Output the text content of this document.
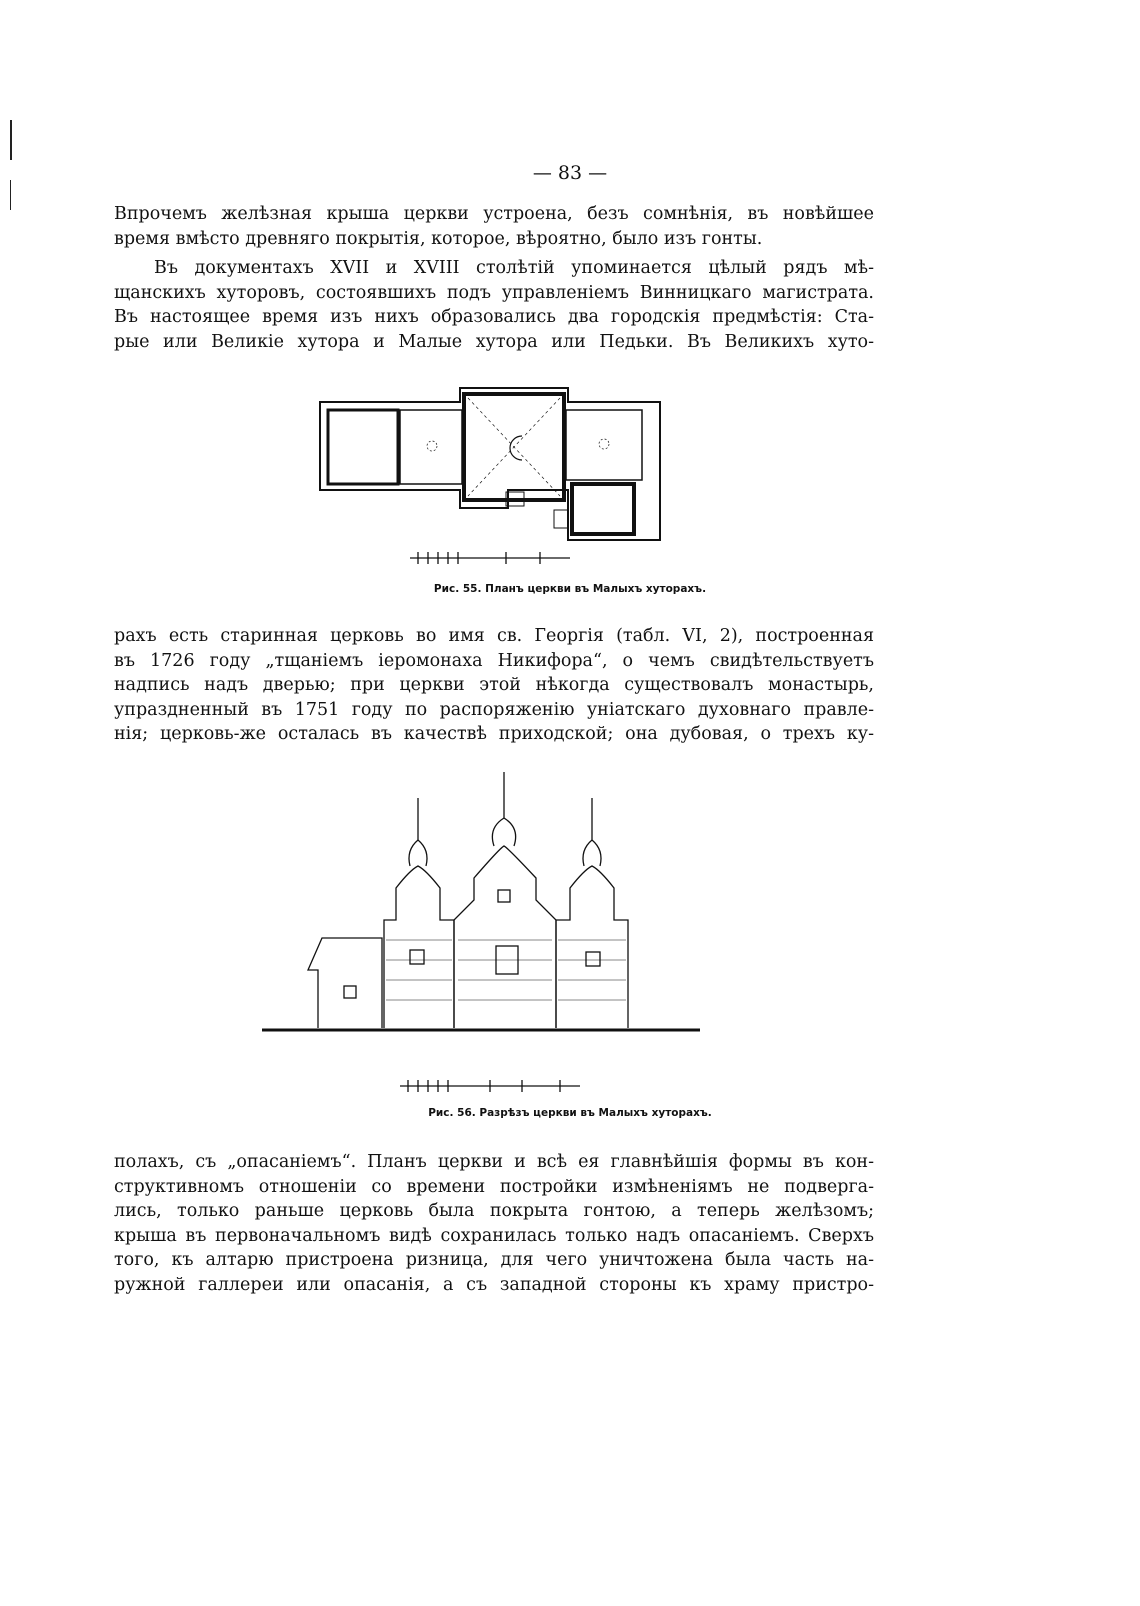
— 83 —
Впрочемъ желѣзная крыша церкви устроена, безъ сомнѣнія, въ новѣйшее
время вмѣсто древняго покрытія, которое, вѣроятно, было изъ гонты.
Въ документахъ XVII и XVIII столѣтій упоминается цѣлый рядъ мѣ-
щанскихъ хуторовъ, состоявшихъ подъ управленіемъ Винницкаго магистрата.
Въ настоящее время изъ нихъ образовались два городскія предмѣстія: Ста-
рые или Великіе хутора и Малые хутора или Педьки. Въ Великихъ хуто-
Рис. 55. Планъ церкви въ Малыхъ хуторахъ.
рахъ есть старинная церковь во имя св. Георгія (табл. VI, 2), построенная
въ 1726 году „тщаніемъ іеромонаха Никифора“, о чемъ свидѣтельствуетъ
надпись надъ дверью; при церкви этой нѣкогда существовалъ монастырь,
упраздненный въ 1751 году по распоряженію уніатскаго духовнаго правле-
нія; церковь-же осталась въ качествѣ приходской; она дубовая, о трехъ ку-
Рис. 56. Разрѣзъ церкви въ Малыхъ хуторахъ.
полахъ, съ „опасаніемъ“. Планъ церкви и всѣ ея главнѣйшія формы въ кон-
структивномъ отношеніи со времени постройки измѣненіямъ не подверга-
лись, только раньше церковь была покрыта гонтою, а теперь желѣзомъ;
крыша въ первоначальномъ видѣ сохранилась только надъ опасаніемъ. Сверхъ
того, къ алтарю пристроена ризница, для чего уничтожена была часть на-
ружной галлереи или опасанія, а съ западной стороны къ храму пристро-
